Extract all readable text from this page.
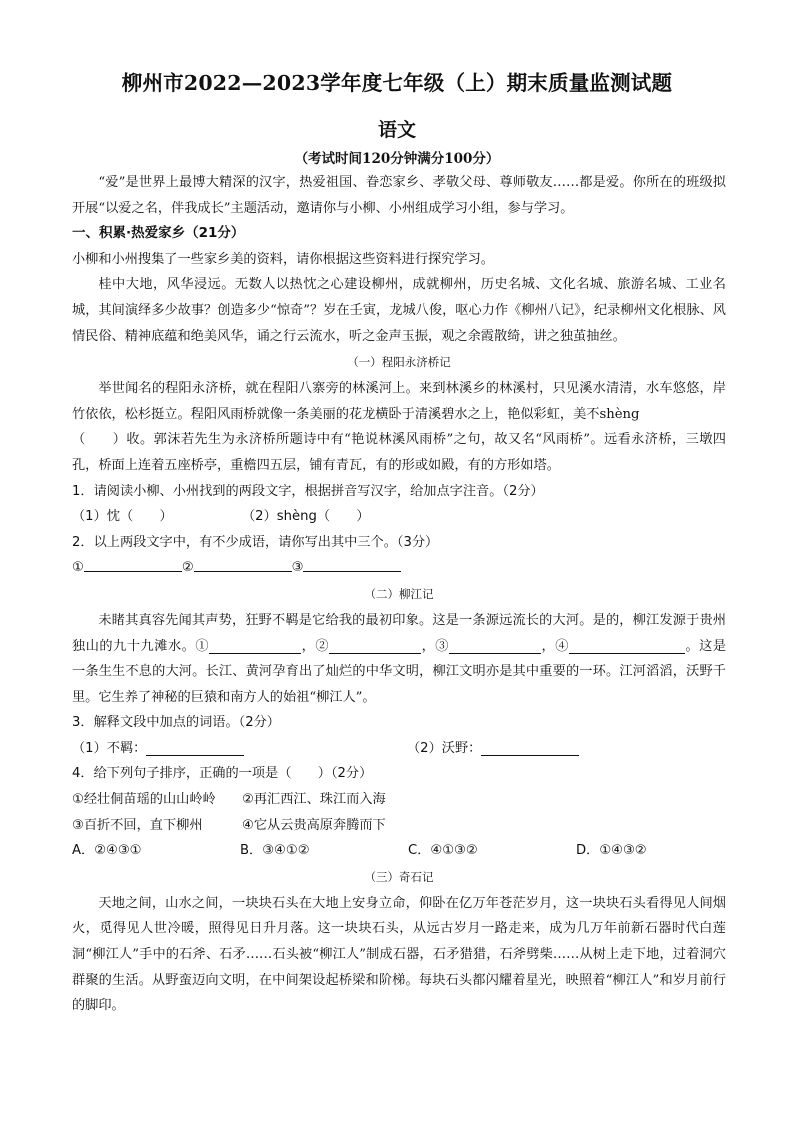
柳州市2022—2023学年度七年级（上）期末质量监测试题
语文
（考试时间120分钟满分100分）

“爱”是世界上最博大精深的汉字，热爱祖国、眷恋家乡、孝敬父母、尊师敬友……都是爱。你所在的班级拟开展“以爱之名，伴我成长”主题活动，邀请你与小柳、小州组成学习小组，参与学习。

一、积累·热爱家乡（21分）

小柳和小州搜集了一些家乡美的资料，请你根据这些资料进行探究学习。

桂中大地，风华浸远。无数人以热忱之心建设柳州，成就柳州，历史名城、文化名城、旅游名城、工业名城，其间演绎多少故事？创造多少“惊奇”？岁在壬寅，龙城八俊，呕心力作《柳州八记》，纪录柳州文化根脉、风情民俗、精神底蕴和绝美风华，诵之行云流水，听之金声玉振，观之余霞散绮，讲之独茧抽丝。

（一）程阳永济桥记

举世闻名的程阳永济桥，就在程阳八寨旁的林溪河上。来到林溪乡的林溪村，只见溪水清清，水车悠悠，岸竹依依，松杉挺立。程阳风雨桥就像一条美丽的花龙横卧于清溪碧水之上，艳似彩虹，美不shèng

（　　）收。郭沫若先生为永济桥所题诗中有“艳说林溪风雨桥”之句，故又名“风雨桥”。远看永济桥，三墩四孔，桥面上连着五座桥亭，重檐四五层，铺有青瓦，有的形或如殿，有的方形如塔。

1．请阅读小柳、小州找到的两段文字，根据拼音写汉字，给加点字注音。（2分）

（1）忱（　　）	（2）shèng（　　）

2．以上两段文字中，有不少成语，请你写出其中三个。（3分）

①	②	③

（二）柳江记

未睹其真容先闻其声势，狂野不羁是它给我的最初印象。这是一条源远流长的大河。是的，柳江发源于贵州独山的九十九滩水。①	，②	，③	，④	。这是一条生生不息的大河。长江、黄河孕育出了灿烂的中华文明，柳江文明亦是其中重要的一环。江河滔滔，沃野千里。它生养了神秘的巨猿和南方人的始祖“柳江人”。

3．解释文段中加点的词语。（2分）

（1）不羁：	（2）沃野：

4．给下列句子排序，正确的一项是（　　）（2分）

①经壮侗苗瑶的山山岭岭	②再汇西江、珠江而入海
③百折不回，直下柳州	④它从云贵高原奔腾而下
A．②④③①	B．③④①②	C．④①③②	D．①④③②

（三）奇石记

天地之间，山水之间，一块块石头在大地上安身立命，仰卧在亿万年苍茫岁月，这一块块石头看得见人间烟火，觅得见人世冷暖，照得见日升月落。这一块块石头，从远古岁月一路走来，成为几万年前新石器时代白莲洞“柳江人”手中的石斧、石矛……石头被“柳江人”制成石器，石矛猎猎，石斧劈柴……从树上走下地，过着洞穴群聚的生活。从野蛮迈向文明，在中间架设起桥梁和阶梯。每块石头都闪耀着星光，映照着“柳江人”和岁月前行的脚印。
